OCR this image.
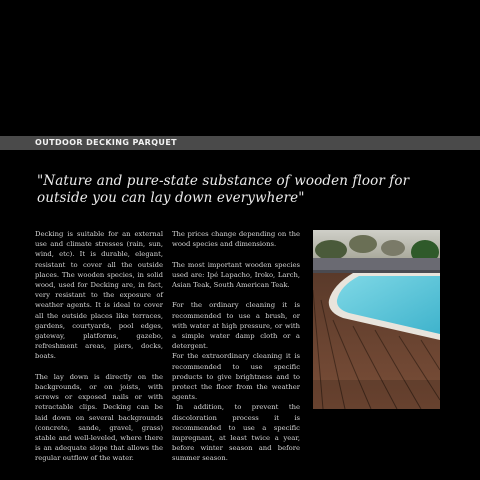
OUTDOOR DECKING PARQUET

"Nature and pure-state substance of wooden floor for outside you can lay down everywhere"

Decking is suitable for an external use and climate stresses (rain, sun, wind, etc). It is durable, elegant, resistant to cover all the outside places. The wooden species, in solid wood, used for Decking are, in fact, very resistant to the exposure of weather agents. It is ideal to cover all the outside places like terraces, gardens, courtyards, pool edges, gateway, platforms, gazebo, refreshment areas, piers, docks, boats.

The lay down is directly on the backgrounds, or on joists, with screws or exposed nails or with retractable clips. Decking can be laid down on several backgrounds (concrete, sande, gravel, grass) stable and well-leveled, where there is an adequate slope that allows the regular outflow of the water.

The prices change depending on the wood species and dimensions.

The most important wooden species used are: Ipé Lapacho, Iroko, Larch, Asian Teak, South American Teak.

For the ordinary cleaning it is recommended to use a brush, or with water at high pressure, or with a simple water damp cloth or a detergent.

For the extraordinary cleaning it is recommended to use specific products to give brightness and to protect the floor from the weather agents.

In addition, to prevent the discoloration process it is recommended to use a specific impregnant, at least twice a year, before winter season and before summer season.
